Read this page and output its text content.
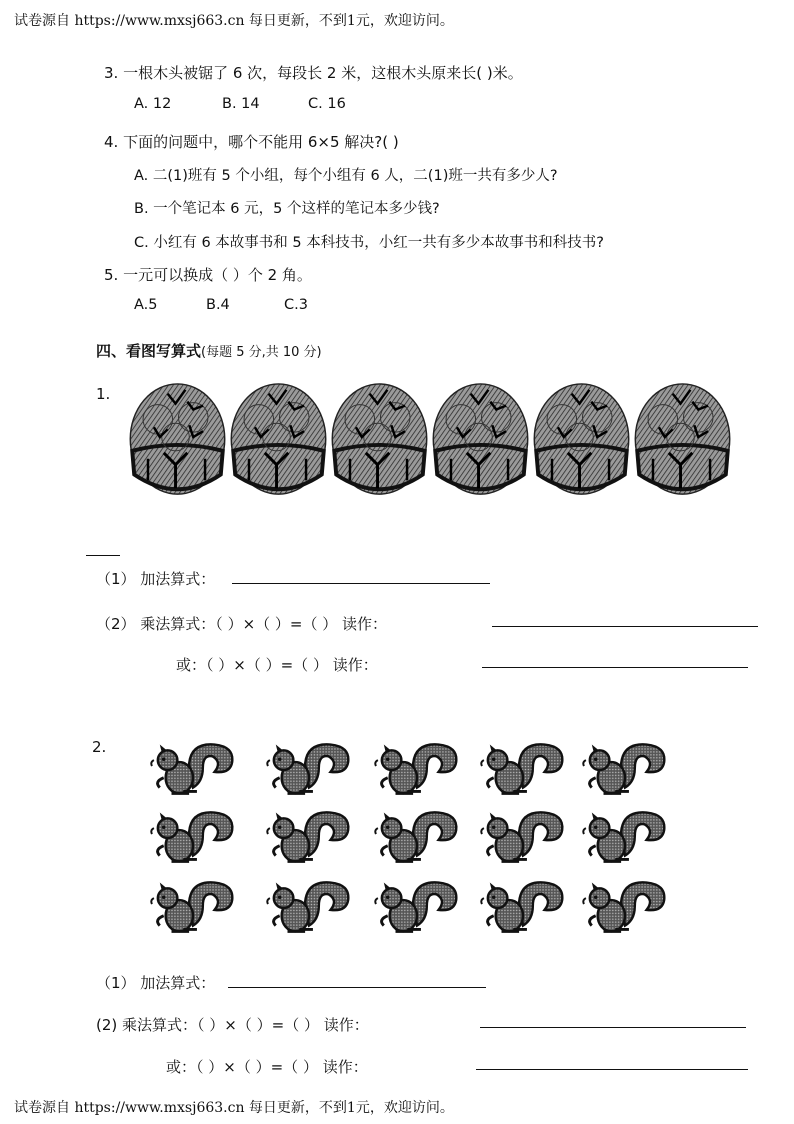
试卷源自 https://www.mxsj663.cn 每日更新，不到1元，欢迎访问。
3. 一根木头被锯了 6 次，每段长 2 米，这根木头原来长( )米。
A. 12	B. 14	C. 16
4. 下面的问题中，哪个不能用 6×5 解决?( )
A. 二(1)班有 5 个小组，每个小组有 6 人，二(1)班一共有多少人?
B. 一个笔记本 6 元，5 个这样的笔记本多少钱?
C. 小红有 6 本故事书和 5 本科技书，小红一共有多少本故事书和科技书?
5. 一元可以换成（ ）个 2 角。
A.5	B.4	C.3
四、看图写算式(每题 5 分,共 10 分)
1.
（1） 加法算式：
（2） 乘法算式：（ ）×（ ）=（ ） 读作：
或：（ ）×（ ）=（ ） 读作：
2.
（1） 加法算式：
(2) 乘法算式：（ ）×（ ）=（ ） 读作：
或：（ ）×（ ）=（ ） 读作：
试卷源自 https://www.mxsj663.cn 每日更新，不到1元，欢迎访问。
